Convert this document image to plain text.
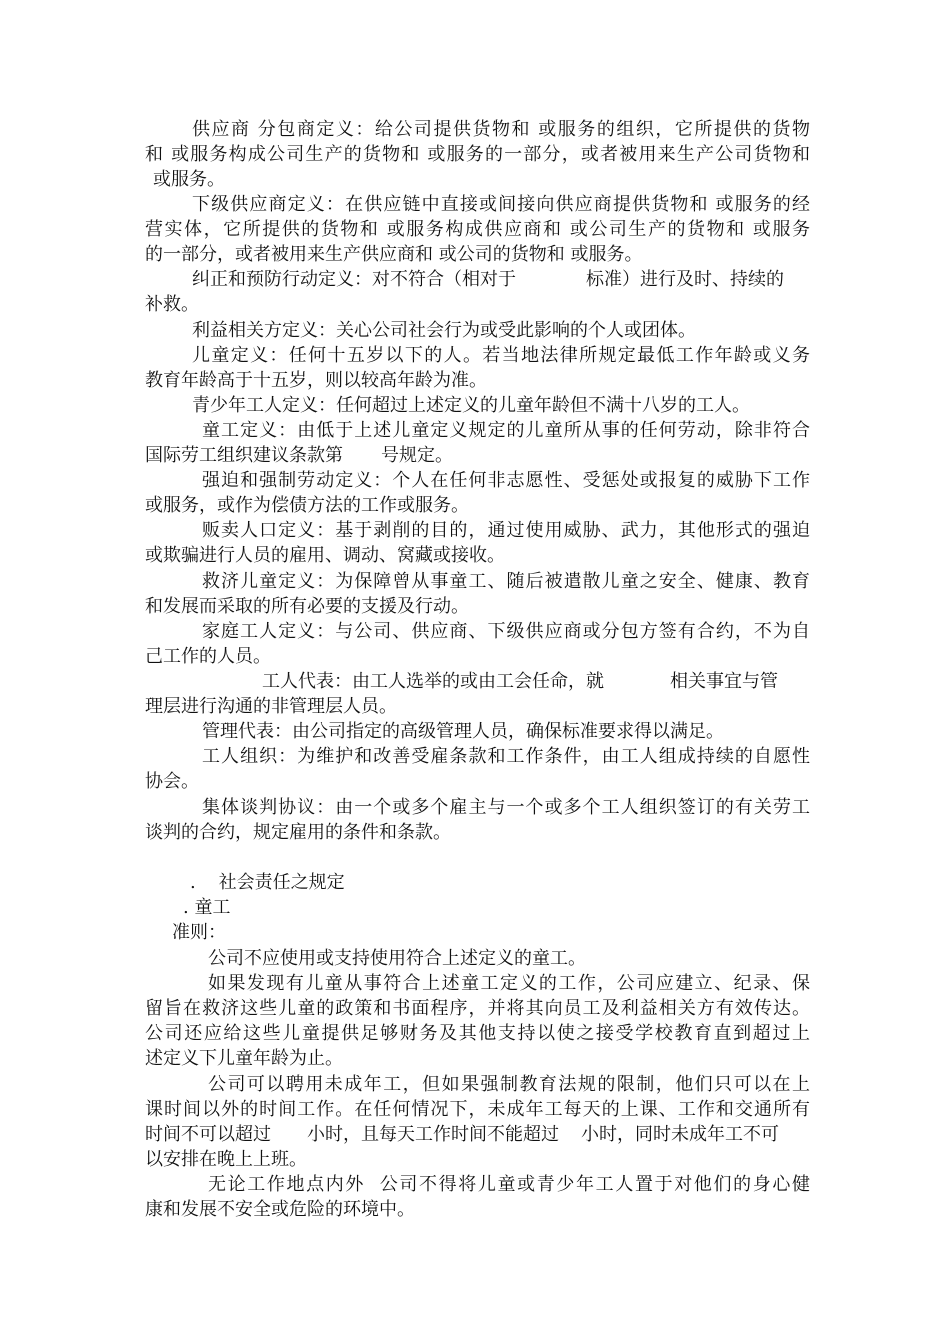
供应商 分包商定义：给公司提供货物和 或服务的组织，它所提供的货物
和 或服务构成公司生产的货物和 或服务的一部分，或者被用来生产公司货物和
或服务。
下级供应商定义：在供应链中直接或间接向供应商提供货物和 或服务的经
营实体，它所提供的货物和 或服务构成供应商和 或公司生产的货物和 或服务
的一部分，或者被用来生产供应商和 或公司的货物和 或服务。
纠正和预防行动定义：对不符合（相对于	标准）进行及时、持续的
补救。
利益相关方定义：关心公司社会行为或受此影响的个人或团体。
儿童定义：任何十五岁以下的人。若当地法律所规定最低工作年龄或义务
教育年龄高于十五岁，则以较高年龄为准。
青少年工人定义：任何超过上述定义的儿童年龄但不满十八岁的工人。
童工定义：由低于上述儿童定义规定的儿童所从事的任何劳动，除非符合
国际劳工组织建议条款第 号规定。
强迫和强制劳动定义：个人在任何非志愿性、受惩处或报复的威胁下工作
或服务，或作为偿债方法的工作或服务。
贩卖人口定义：基于剥削的目的，通过使用威胁、武力，其他形式的强迫
或欺骗进行人员的雇用、调动、窝藏或接收。
救济儿童定义：为保障曾从事童工、随后被遣散儿童之安全、健康、教育
和发展而采取的所有必要的支援及行动。
家庭工人定义：与公司、供应商、下级供应商或分包方签有合约，不为自
己工作的人员。
工人代表：由工人选举的或由工会任命，就	相关事宜与管
理层进行沟通的非管理层人员。
管理代表：由公司指定的高级管理人员，确保标准要求得以满足。
工人组织：为维护和改善受雇条款和工作条件，由工人组成持续的自愿性
协会。
集体谈判协议：由一个或多个雇主与一个或多个工人组织签订的有关劳工
谈判的合约，规定雇用的条件和条款。
.    社会责任之规定
. 童工
准则：
公司不应使用或支持使用符合上述定义的童工。
如果发现有儿童从事符合上述童工定义的工作，公司应建立、纪录、保
留旨在救济这些儿童的政策和书面程序，并将其向员工及利益相关方有效传达。
公司还应给这些儿童提供足够财务及其他支持以使之接受学校教育直到超过上
述定义下儿童年龄为止。
公司可以聘用未成年工，但如果强制教育法规的限制，他们只可以在上
课时间以外的时间工作。在任何情况下，未成年工每天的上课、工作和交通所有
时间不可以超过 小时，且每天工作时间不能超过 小时，同时未成年工不可
以安排在晚上上班。
无论工作地点内外  公司不得将儿童或青少年工人置于对他们的身心健
康和发展不安全或危险的环境中。
